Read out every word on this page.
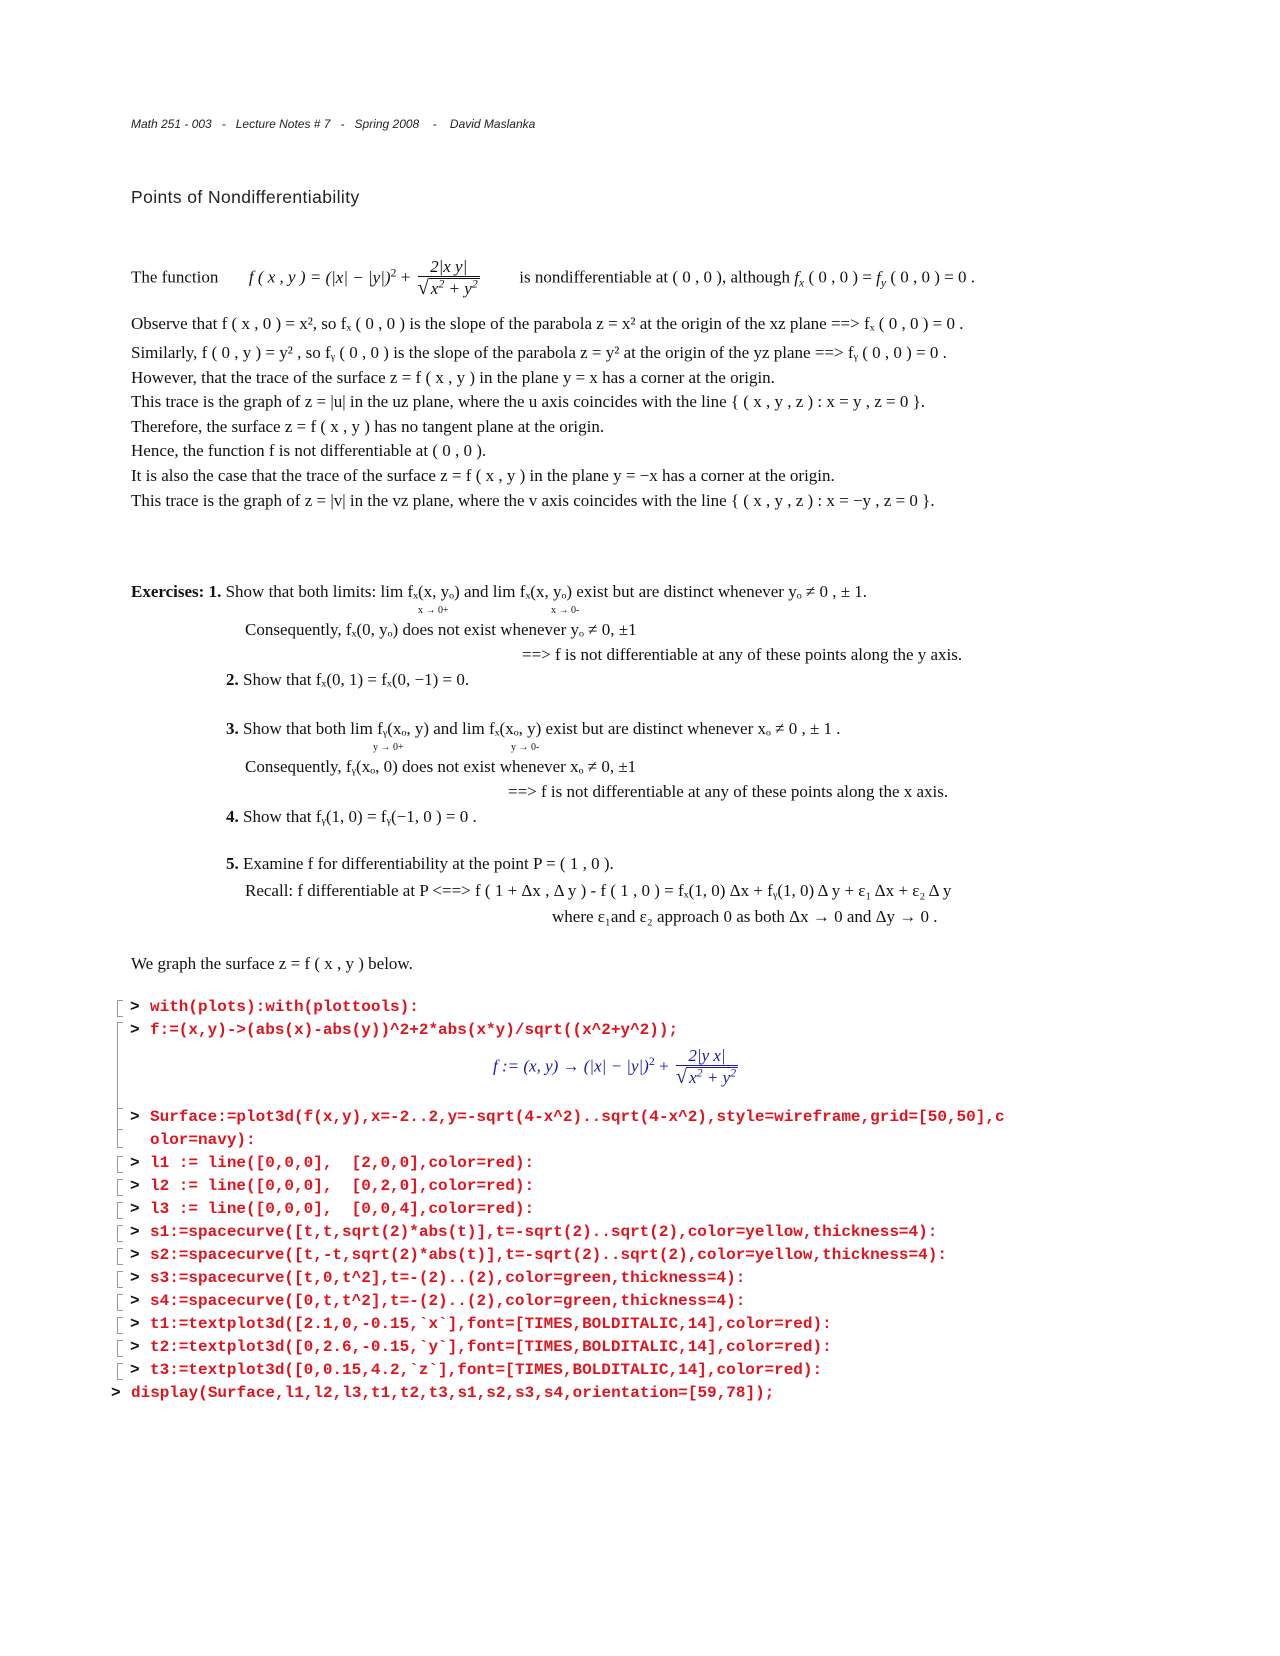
Math 251 - 003 - Lecture Notes # 7 - Spring 2008 - David Maslanka
Points of Nondifferentiability
The function f ( x , y ) = $(|x| - |y|)^2 + \frac{\text{2|x y|}}{√ x^2 + y^2}$ is nondifferentiable at ( 0 , 0 ), although $f_x$ ( 0 , 0 ) = $f_y$ ( 0 , 0 ) = 0 .
Observe that f ( x , 0 ) = x², so fₓ ( 0 , 0 ) is the slope of the parabola z = x² at the origin of the xz plane ==> fₓ ( 0 , 0 ) = 0 .
Similarly, f ( 0 , y ) = y² , so fᵧ ( 0 , 0 ) is the slope of the parabola z = y² at the origin of the yz plane ==> fᵧ ( 0 , 0 ) = 0 .
However, that the trace of the surface z = f ( x , y ) in the plane y = x has a corner at the origin.
This trace is the graph of z = |u| in the uz plane, where the u axis coincides with the line { ( x , y , z ) : x = y , z = 0 }.
Therefore, the surface z = f ( x , y ) has no tangent plane at the origin.
Hence, the function f is not differentiable at ( 0 , 0 ).
It is also the case that the trace of the surface z = f ( x , y ) in the plane y = −x has a corner at the origin.
This trace is the graph of z = |v| in the vz plane, where the v axis coincides with the line { ( x , y , z ) : x = −y , z = 0 }.
Exercises: 1. Show that both limits: lim fₓ(x, yₒ) and lim fₓ(x, yₒ) exist but are distinct whenever yₒ ≠ 0 , ± 1.
x → 0+	x → 0-
Consequently, fₓ(0, yₒ) does not exist whenever yₒ ≠ 0, ±1
==> f is not differentiable at any of these points along the y axis.
2. Show that fₓ(0, 1) = fₓ(0, −1) = 0.
3. Show that both lim fᵧ(xₒ, y) and lim fₓ(xₒ, y) exist but are distinct whenever xₒ ≠ 0 , ± 1 .
y → 0+	y → 0-
Consequently, fᵧ(xₒ, 0) does not exist whenever xₒ ≠ 0, ±1
==> f is not differentiable at any of these points along the x axis.
4. Show that fᵧ(1, 0) = fᵧ(−1, 0 ) = 0 .
5. Examine f for differentiability at the point P = ( 1 , 0 ).
Recall: f differentiable at P <==> f ( 1 + Δx , Δ y ) - f ( 1 , 0 ) = fₓ(1, 0) Δx + fᵧ(1, 0) Δ y + ε₁ Δx + ε₂ Δ y
where ε₁and ε₂ approach 0 as both Δx → 0 and Δy → 0 .
We graph the surface z = f ( x , y ) below.
> with(plots):with(plottools):
> f:=(x,y)->(abs(x)-abs(y))^2+2*abs(x*y)/sqrt((x^2+y^2));
f := (x, $y) \to (|x| - |y|)^2 + \frac{\text{2|y x|}}{√ x^2 + y^2}$
> Surface:=plot3d(f(x,y),x=-2..2,y=-sqrt(4-x^2)..sqrt(4-x^2),style=wireframe,grid=[50,50],c
olor=navy):
> l1 := line([0,0,0],  [2,0,0],color=red):
> l2 := line([0,0,0],  [0,2,0],color=red):
> l3 := line([0,0,0],  [0,0,4],color=red):
> s1:=spacecurve([t,t,sqrt(2)*abs(t)],t=-sqrt(2)..sqrt(2),color=yellow,thickness=4):
> s2:=spacecurve([t,-t,sqrt(2)*abs(t)],t=-sqrt(2)..sqrt(2),color=yellow,thickness=4):
> s3:=spacecurve([t,0,t^2],t=-(2)..(2),color=green,thickness=4):
> s4:=spacecurve([0,t,t^2],t=-(2)..(2),color=green,thickness=4):
> t1:=textplot3d([2.1,0,-0.15,`x`],font=[TIMES,BOLDITALIC,14],color=red):
> t2:=textplot3d([0,2.6,-0.15,`y`],font=[TIMES,BOLDITALIC,14],color=red):
> t3:=textplot3d([0,0.15,4.2,`z`],font=[TIMES,BOLDITALIC,14],color=red):
> display(Surface,l1,l2,l3,t1,t2,t3,s1,s2,s3,s4,orientation=[59,78]);
